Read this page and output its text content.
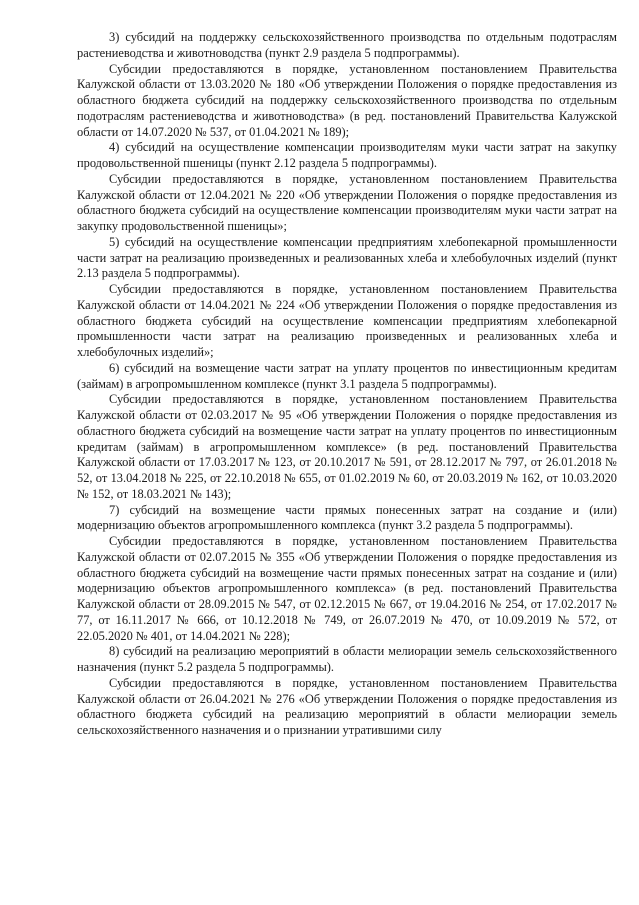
3) субсидий на поддержку сельскохозяйственного производства по отдельным подотраслям растениеводства и животноводства (пункт 2.9 раздела 5 подпрограммы).

Субсидии предоставляются в порядке, установленном постановлением Правительства Калужской области от 13.03.2020 № 180 «Об утверждении Положения о порядке предоставления из областного бюджета субсидий на поддержку сельскохозяйственного производства по отдельным подотраслям растениеводства и животноводства» (в ред. постановлений Правительства Калужской области от 14.07.2020 № 537, от 01.04.2021 № 189);

4) субсидий на осуществление компенсации производителям муки части затрат на закупку продовольственной пшеницы (пункт 2.12 раздела 5 подпрограммы).

Субсидии предоставляются в порядке, установленном постановлением Правительства Калужской области от 12.04.2021 № 220 «Об утверждении Положения о порядке предоставления из областного бюджета субсидий на осуществление компенсации производителям муки части затрат на закупку продовольственной пшеницы»;

5) субсидий на осуществление компенсации предприятиям хлебопекарной промышленности части затрат на реализацию произведенных и реализованных хлеба и хлебобулочных изделий (пункт 2.13 раздела 5 подпрограммы).

Субсидии предоставляются в порядке, установленном постановлением Правительства Калужской области от 14.04.2021 № 224 «Об утверждении Положения о порядке предоставления из областного бюджета субсидий на осуществление компенсации предприятиям хлебопекарной промышленности части затрат на реализацию произведенных и реализованных хлеба и хлебобулочных изделий»;

6) субсидий на возмещение части затрат на уплату процентов по инвестиционным кредитам (займам) в агропромышленном комплексе (пункт 3.1 раздела 5 подпрограммы).

Субсидии предоставляются в порядке, установленном постановлением Правительства Калужской области от 02.03.2017 № 95 «Об утверждении Положения о порядке предоставления из областного бюджета субсидий на возмещение части затрат на уплату процентов по инвестиционным кредитам (займам) в агропромышленном комплексе» (в ред. постановлений Правительства Калужской области от 17.03.2017 № 123, от 20.10.2017 № 591, от 28.12.2017 № 797, от 26.01.2018 № 52, от 13.04.2018 № 225, от 22.10.2018 № 655, от 01.02.2019 № 60, от 20.03.2019 № 162, от 10.03.2020 № 152, от 18.03.2021 № 143);

7) субсидий на возмещение части прямых понесенных затрат на создание и (или) модернизацию объектов агропромышленного комплекса (пункт 3.2 раздела 5 подпрограммы).

Субсидии предоставляются в порядке, установленном постановлением Правительства Калужской области от 02.07.2015 № 355 «Об утверждении Положения о порядке предоставления из областного бюджета субсидий на возмещение части прямых понесенных затрат на создание и (или) модернизацию объектов агропромышленного комплекса» (в ред. постановлений Правительства Калужской области от 28.09.2015 № 547, от 02.12.2015 № 667, от 19.04.2016 № 254, от 17.02.2017 № 77, от 16.11.2017 № 666, от 10.12.2018 № 749, от 26.07.2019 № 470, от 10.09.2019 № 572, от 22.05.2020 № 401, от 14.04.2021 № 228);

8) субсидий на реализацию мероприятий в области мелиорации земель сельскохозяйственного назначения (пункт 5.2 раздела 5 подпрограммы).

Субсидии предоставляются в порядке, установленном постановлением Правительства Калужской области от 26.04.2021 № 276 «Об утверждении Положения о порядке предоставления из областного бюджета субсидий на реализацию мероприятий в области мелиорации земель сельскохозяйственного назначения и о признании утратившими силу
